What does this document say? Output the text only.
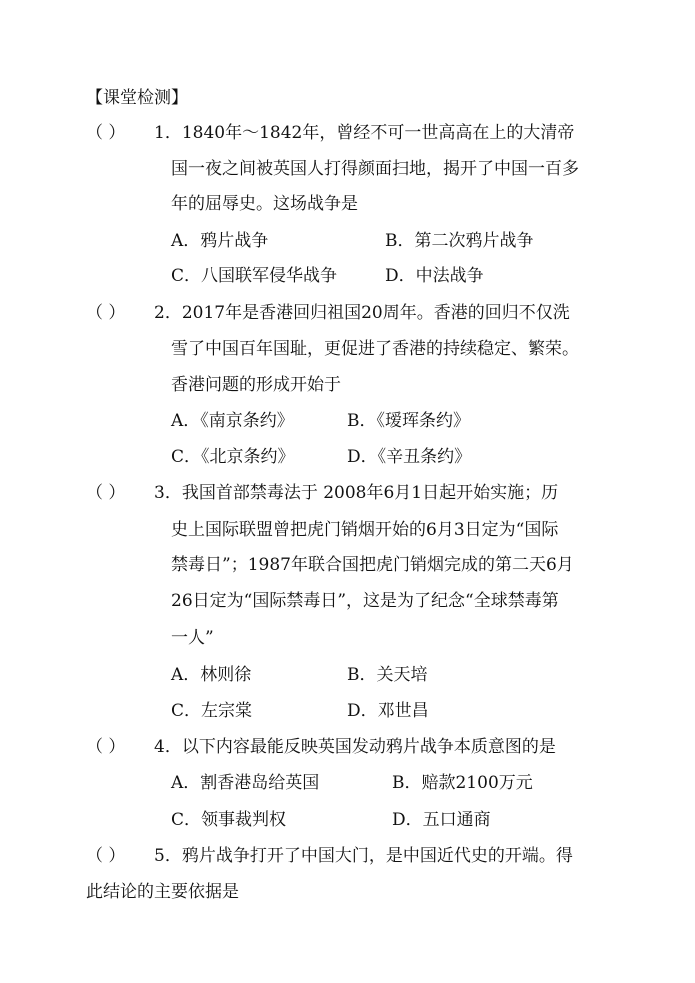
【课堂检测】
（ ） 1．1840年～1842年，曾经不可一世高高在上的大清帝
国一夜之间被英国人打得颜面扫地，揭开了中国一百多
年的屈辱史。这场战争是
A．鸦片战争	B．第二次鸦片战争
C．八国联军侵华战争	D．中法战争
（ ） 2．2017年是香港回归祖国20周年。香港的回归不仅洗
雪了中国百年国耻，更促进了香港的持续稳定、繁荣。
香港问题的形成开始于
A．《南京条约》	B．《瑷珲条约》
C．《北京条约》	D．《辛丑条约》
（ ） 3．我国首部禁毒法于 2008年6月1日起开始实施；历
史上国际联盟曾把虎门销烟开始的6月3日定为“国际
禁毒日”；1987年联合国把虎门销烟完成的第二天6月
26日定为“国际禁毒日”，这是为了纪念“全球禁毒第
一人”
A．林则徐	B．关天培
C．左宗棠	D．邓世昌
（ ） 4．以下内容最能反映英国发动鸦片战争本质意图的是
A．割香港岛给英国	B．赔款2100万元
C．领事裁判权	D．五口通商
（ ） 5．鸦片战争打开了中国大门，是中国近代史的开端。得
此结论的主要依据是
